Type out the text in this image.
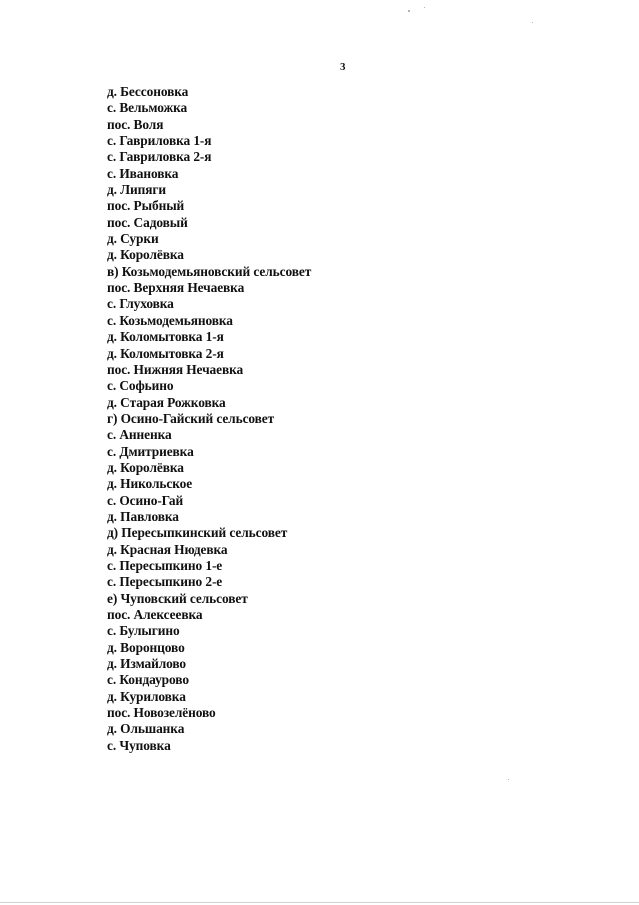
3
д. Бессоновка
с. Вельможка
пос. Воля
с. Гавриловка 1-я
с. Гавриловка 2-я
с. Ивановка
д. Липяги
пос. Рыбный
пос. Садовый
д. Сурки
д. Королёвка
в) Козьмодемьяновский сельсовет
пос. Верхняя Нечаевка
с. Глуховка
с. Козьмодемьяновка
д. Коломытовка 1-я
д. Коломытовка 2-я
пос. Нижняя Нечаевка
с. Софьино
д. Старая Рожковка
г) Осино-Гайский сельсовет
с. Анненка
с. Дмитриевка
д. Королёвка
д. Никольское
с. Осино-Гай
д. Павловка
д) Пересыпкинский сельсовет
д. Красная Нюдевка
с. Пересыпкино 1-е
с. Пересыпкино 2-е
е) Чуповский сельсовет
пос. Алексеевка
с. Булыгино
д. Воронцово
д. Измайлово
с. Кондаурово
д. Куриловка
пос. Новозелёново
д. Ольшанка
с. Чуповка
